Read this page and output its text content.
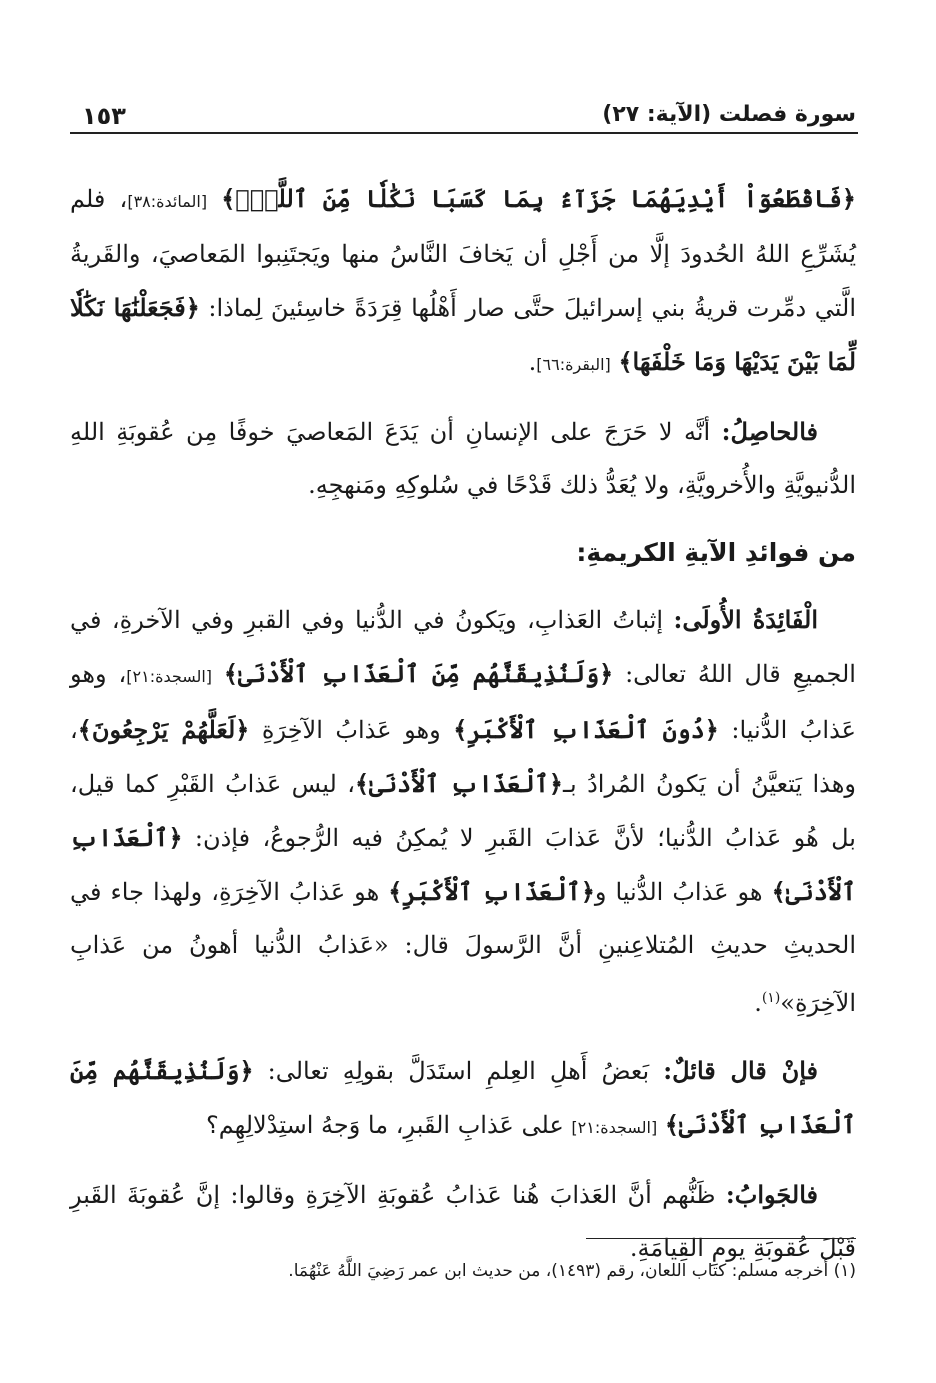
سورة فصلت (الآية: ٢٧)
١٥٣

﴿فَاقْطَعُوٓاْ أَيْدِيَهُمَا جَزَآءَۢ بِمَا كَسَبَا نَكَٰلٗا مِّنَ ٱللَّهِۗ﴾ [المائدة:٣٨]، فلم يُشَرِّعِ اللهُ الحُدودَ إلَّا من أَجْلِ أن يَخافَ النَّاسُ منها ويَجتَنِبوا المَعاصيَ، والقَريةُ الَّتي دمِّرت قريةُ بني إسرائيلَ حتَّى صار أَهْلُها قِرَدَةً خاسِئينَ لِماذا: ﴿فَجَعَلْنَٰهَا نَكَٰلٗا لِّمَا بَيْنَ يَدَيْهَا وَمَا خَلْفَهَا﴾ [البقرة:٦٦].

فالحاصِلُ: أنَّه لا حَرَجَ على الإنسانِ أن يَدَعَ المَعاصيَ خوفًا مِن عُقوبَةِ اللهِ الدُّنيويَّةِ والأُخرويَّةِ، ولا يُعَدُّ ذلك قَدْحًا في سُلوكِهِ ومَنهجِهِ.

من فوائدِ الآيةِ الكريمةِ:

الْفَائِدَةُ الأُولَى: إثباتُ العَذابِ، ويَكونُ في الدُّنيا وفي القبرِ وفي الآخرةِ، في الجميعِ قال اللهُ تعالى: ﴿وَلَنُذِيقَنَّهُم مِّنَ ٱلْعَذَابِ ٱلْأَدْنَىٰ﴾ [السجدة:٢١]، وهو عَذابُ الدُّنيا: ﴿دُونَ ٱلْعَذَابِ ٱلْأَكْبَرِ﴾ وهو عَذابُ الآخِرَةِ ﴿لَعَلَّهُمْ يَرْجِعُونَ﴾، وهذا يَتعيَّنُ أن يَكونُ المُرادُ بـ﴿ٱلْعَذَابِ ٱلْأَدْنَىٰ﴾، ليس عَذابُ القَبْرِ كما قيل، بل هُو عَذابُ الدُّنيا؛ لأنَّ عَذابَ القَبرِ لا يُمكِنُ فيه الرُّجوعُ، فإذن: ﴿ٱلْعَذَابِ ٱلْأَدْنَىٰ﴾ هو عَذابُ الدُّنيا و﴿ٱلْعَذَابِ ٱلْأَكْبَرِ﴾ هو عَذابُ الآخِرَةِ، ولهذا جاء في الحديثِ حديثِ المُتلاعِنينِ أنَّ الرَّسولَ قال: «عَذابُ الدُّنيا أهونُ من عَذابِ الآخِرَةِ»$^{(١)}$.

فإنْ قال قائلٌ: بَعضُ أَهلِ العِلمِ استَدَلَّ بقولِهِ تعالى: ﴿وَلَنُذِيقَنَّهُم مِّنَ ٱلْعَذَابِ ٱلْأَدْنَىٰ﴾ [السجدة:٢١] على عَذابِ القَبرِ، ما وَجهُ استِدْلالِهِم؟

فالجَوابُ: ظَنُّهم أنَّ العَذابَ هُنا عَذابُ عُقوبَةِ الآخِرَةِ وقالوا: إنَّ عُقوبَةَ القَبرِ قَبْلَ عُقوبَةِ يومِ القِيامَةِ.

(١) أخرجه مسلم: كتاب اللعان، رقم (١٤٩٣)، من حديث ابن عمر رَضِيَ اللَّهُ عَنْهُمَا.
